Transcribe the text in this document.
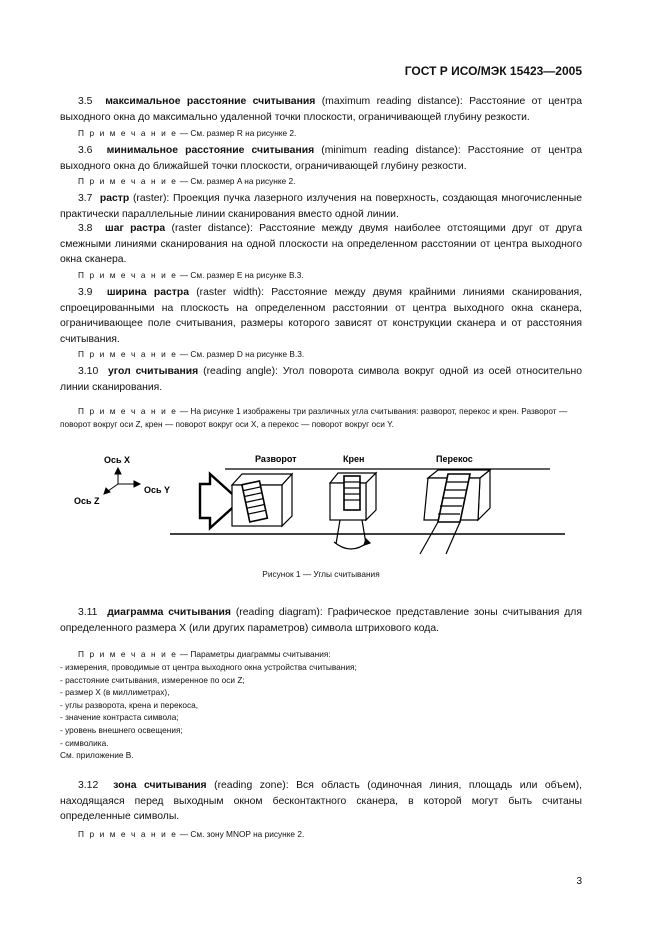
ГОСТ Р ИСО/МЭК 15423—2005

3.5 максимальное расстояние считывания (maximum reading distance): Расстояние от центра выходного окна до максимально удаленной точки плоскости, ограничивающей глубину резкости.

П р и м е ч а н и е — См. размер R на рисунке 2.

3.6 минимальное расстояние считывания (minimum reading distance): Расстояние от центра выходного окна до ближайшей точки плоскости, ограничивающей глубину резкости.

П р и м е ч а н и е — См. размер A на рисунке 2.

3.7 растр (raster): Проекция пучка лазерного излучения на поверхность, создающая многочисленные практически параллельные линии сканирования вместо одной линии.

3.8 шаг растра (raster distance): Расстояние между двумя наиболее отстоящими друг от друга смежными линиями сканирования на одной плоскости на определенном расстоянии от центра выходного окна сканера.

П р и м е ч а н и е — См. размер E на рисунке B.3.

3.9 ширина растра (raster width): Расстояние между двумя крайними линиями сканирования, спроецированными на плоскость на определенном расстоянии от центра выходного окна сканера, ограничивающее поле считывания, размеры которого зависят от конструкции сканера и от расстояния считывания.

П р и м е ч а н и е — См. размер D на рисунке B.3.

3.10 угол считывания (reading angle): Угол поворота символа вокруг одной из осей относительно линии сканирования.

П р и м е ч а н и е — На рисунке 1 изображены три различных угла считывания: разворот, перекос и крен. Разворот — поворот вокруг оси Z, крен — поворот вокруг оси X, а перекос — поворот вокруг оси Y.

Ось X
Ось Y
Ось Z
Разворот	Крен	Перекос
Рисунок 1 — Углы считывания

3.11 диаграмма считывания (reading diagram): Графическое представление зоны считывания для определенного размера X (или других параметров) символа штрихового кода.

П р и м е ч а н и е — Параметры диаграммы считывания:

- измерения, проводимые от центра выходного окна устройства считывания;
- расстояние считывания, измеренное по оси Z;
- размер X (в миллиметрах),
- углы разворота, крена и перекоса,
- значение контраста символа;
- уровень внешнего освещения;
- символика.
См. приложение B.

3.12 зона считывания (reading zone): Вся область (одиночная линия, площадь или объем), находящаяся перед выходным окном бесконтактного сканера, в которой могут быть считаны определенные символы.

П р и м е ч а н и е — См. зону MNOP на рисунке 2.

3
